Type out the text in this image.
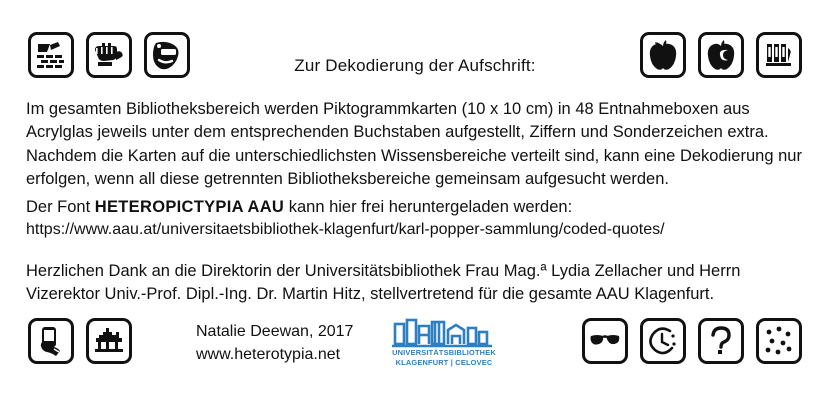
Zur Dekodierung der Aufschrift:
Im gesamten Bibliotheksbereich werden Piktogrammkarten (10 x 10 cm) in 48 Entnahmeboxen aus Acrylglas jeweils unter dem entsprechenden Buchstaben aufgestellt, Ziffern und Sonderzeichen extra. Nachdem die Karten auf die unterschiedlichsten Wissensbereiche verteilt sind, kann eine Dekodierung nur erfolgen, wenn all diese getrennten Bibliotheksbereiche gemeinsam aufgesucht werden.
Der Font HETEROPICTYPIA AAU kann hier frei heruntergeladen werden:
https://www.aau.at/universitaetsbibliothek-klagenfurt/karl-popper-sammlung/coded-quotes/
Herzlichen Dank an die Direktorin der Universitätsbibliothek Frau Mag.ª Lydia Zellacher und Herrn Vizerektor Univ.-Prof. Dipl.-Ing. Dr. Martin Hitz, stellvertretend für die gesamte AAU Klagenfurt.
Natalie Deewan, 2017
www.heterotypia.net	UNIVERSITÄTSBIBLIOTHEK
KLAGENFURT | CELOVEC
